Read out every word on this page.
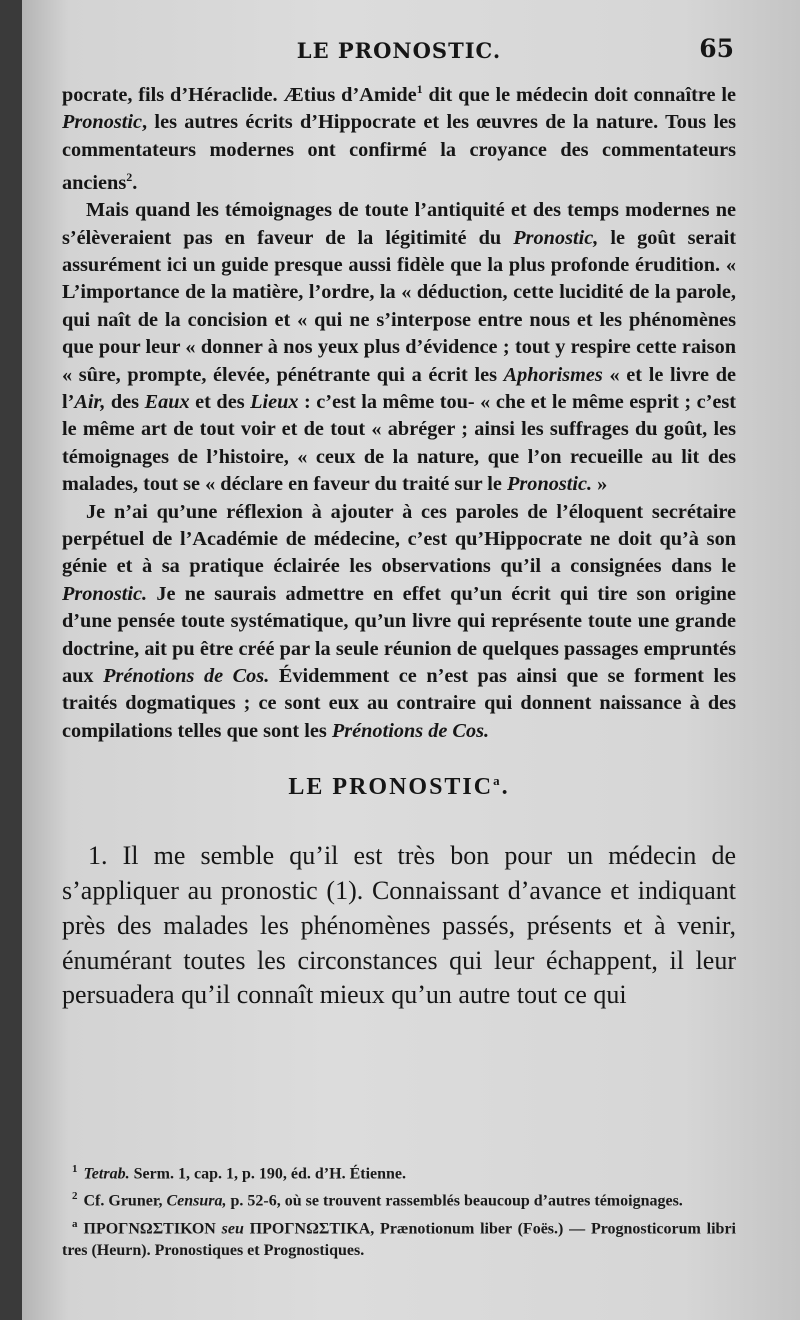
LE PRONOSTIC.	65

pocrate, fils d’Héraclide. Ætius d’Amide$^1$ dit que le médecin doit connaître le Pronostic, les autres écrits d’Hippocrate et les œuvres de la nature. Tous les commentateurs modernes ont confirmé la croyance des commentateurs anciens$^2$.

Mais quand les témoignages de toute l’antiquité et des temps modernes ne s’élèveraient pas en faveur de la légitimité du Pronostic, le goût serait assurément ici un guide presque aussi fidèle que la plus profonde érudition. « L’importance de la matière, l’ordre, la « déduction, cette lucidité de la parole, qui naît de la concision et « qui ne s’interpose entre nous et les phénomènes que pour leur « donner à nos yeux plus d’évidence ; tout y respire cette raison « sûre, prompte, élevée, pénétrante qui a écrit les Aphorismes « et le livre de l’Air, des Eaux et des Lieux : c’est la même tou- « che et le même esprit ; c’est le même art de tout voir et de tout « abréger ; ainsi les suffrages du goût, les témoignages de l’histoire, « ceux de la nature, que l’on recueille au lit des malades, tout se « déclare en faveur du traité sur le Pronostic. »

Je n’ai qu’une réflexion à ajouter à ces paroles de l’éloquent secrétaire perpétuel de l’Académie de médecine, c’est qu’Hippocrate ne doit qu’à son génie et à sa pratique éclairée les observations qu’il a consignées dans le Pronostic. Je ne saurais admettre en effet qu’un écrit qui tire son origine d’une pensée toute systématique, qu’un livre qui représente toute une grande doctrine, ait pu être créé par la seule réunion de quelques passages empruntés aux Prénotions de Cos. Évidemment ce n’est pas ainsi que se forment les traités dogmatiques ; ce sont eux au contraire qui donnent naissance à des compilations telles que sont les Prénotions de Cos.

LE PRONOSTIC$^a$.

1. Il me semble qu’il est très bon pour un médecin de s’appliquer au pronostic (1). Connaissant d’avance et indiquant près des malades les phénomènes passés, présents et à venir, énumérant toutes les circonstances qui leur échappent, il leur persuadera qu’il connaît mieux qu’un autre tout ce qui

$^1$ Tetrab. Serm. 1, cap. 1, p. 190, éd. d’H. Étienne.

$^2$ Cf. Gruner, Censura, p. 52-6, où se trouvent rassemblés beaucoup d’autres témoignages.

$^a$ ΠΡΟΓΝΩΣΤΙΚΟΝ seu ΠΡΟΓΝΩΣΤΙΚΑ, Prænotionum liber (Foës.) — Prognosticorum libri tres (Heurn). Pronostiques et Prognostiques.
